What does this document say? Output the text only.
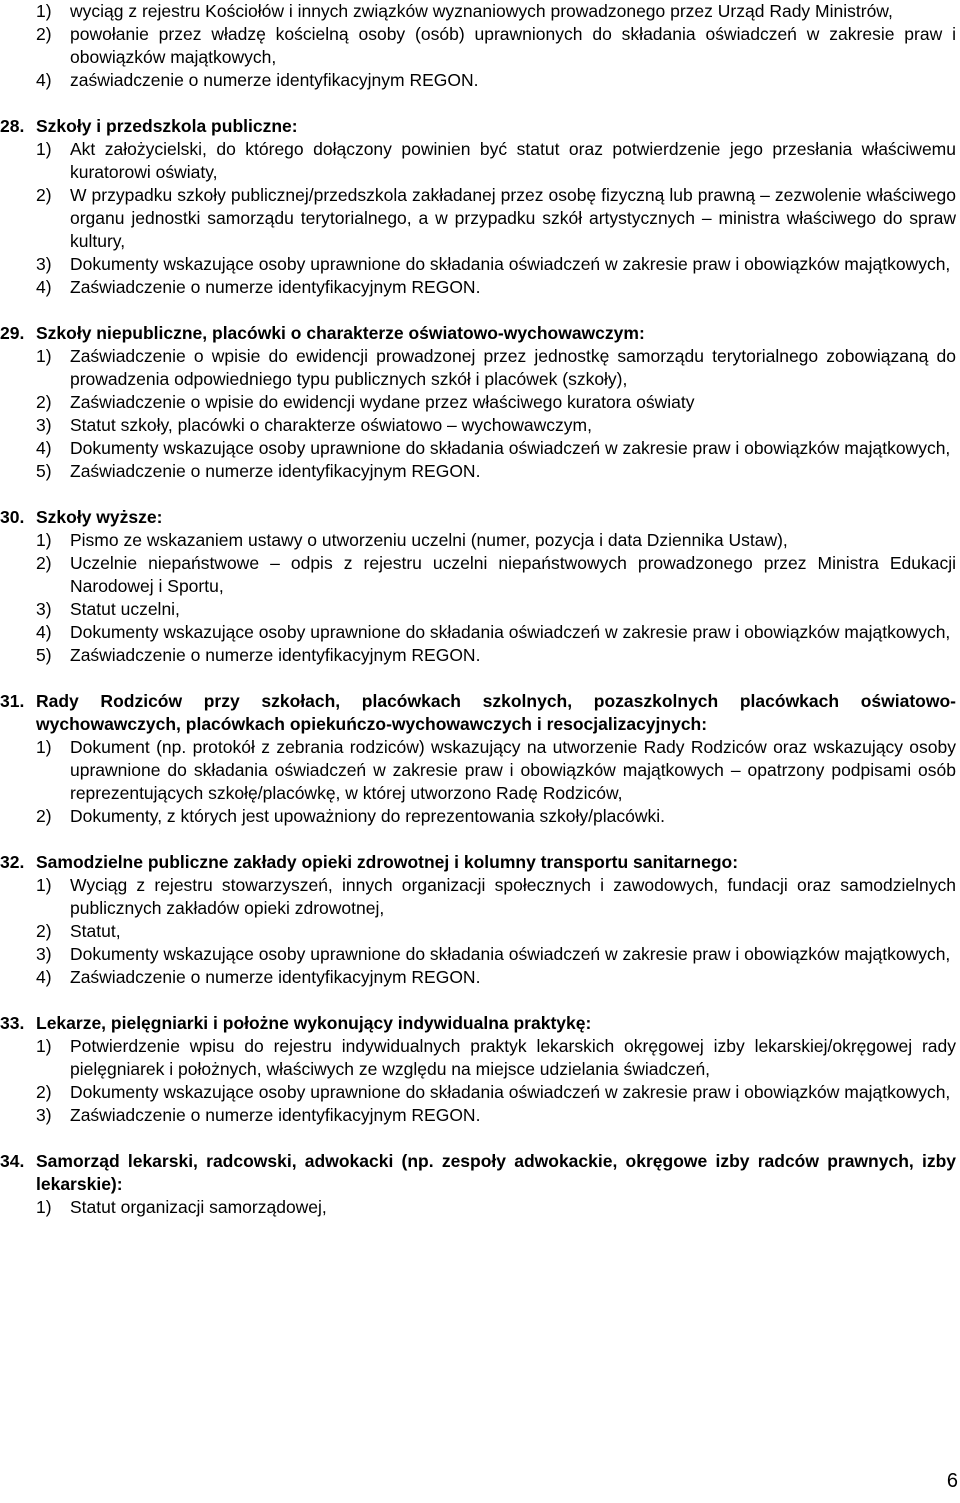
1) wyciąg z rejestru Kościołów i innych związków wyznaniowych prowadzonego przez Urząd Rady Ministrów,
2) powołanie przez władzę kościelną osoby (osób) uprawnionych do składania oświadczeń w zakresie praw i obowiązków majątkowych,
4) zaświadczenie o numerze identyfikacyjnym REGON.
28. Szkoły i przedszkola publiczne:
1) Akt założycielski, do którego dołączony powinien być statut oraz potwierdzenie jego przesłania właściwemu kuratorowi oświaty,
2) W przypadku szkoły publicznej/przedszkola zakładanej przez osobę fizyczną lub prawną – zezwolenie właściwego organu jednostki samorządu terytorialnego, a w przypadku szkół artystycznych – ministra właściwego do spraw kultury,
3) Dokumenty wskazujące osoby uprawnione do składania oświadczeń w zakresie praw i obowiązków majątkowych,
4) Zaświadczenie o numerze identyfikacyjnym REGON.
29. Szkoły niepubliczne, placówki o charakterze oświatowo-wychowawczym:
1) Zaświadczenie o wpisie do ewidencji prowadzonej przez jednostkę samorządu terytorialnego zobowiązaną do prowadzenia odpowiedniego typu publicznych szkół i placówek (szkoły),
2) Zaświadczenie o wpisie do ewidencji wydane przez właściwego kuratora oświaty
3) Statut szkoły, placówki o charakterze oświatowo – wychowawczym,
4) Dokumenty wskazujące osoby uprawnione do składania oświadczeń w zakresie praw i obowiązków majątkowych,
5) Zaświadczenie o numerze identyfikacyjnym REGON.
30. Szkoły wyższe:
1) Pismo ze wskazaniem ustawy o utworzeniu uczelni (numer, pozycja i data Dziennika Ustaw),
2) Uczelnie niepaństwowe – odpis z rejestru uczelni niepaństwowych prowadzonego przez Ministra Edukacji Narodowej i Sportu,
3) Statut uczelni,
4) Dokumenty wskazujące osoby uprawnione do składania oświadczeń w zakresie praw i obowiązków majątkowych,
5) Zaświadczenie o numerze identyfikacyjnym REGON.
31. Rady Rodziców przy szkołach, placówkach szkolnych, pozaszkolnych placówkach oświatowo-wychowawczych, placówkach opiekuńczo-wychowawczych i resocjalizacyjnych:
1) Dokument (np. protokół z zebrania rodziców) wskazujący na utworzenie Rady Rodziców oraz wskazujący osoby uprawnione do składania oświadczeń w zakresie praw i obowiązków majątkowych – opatrzony podpisami osób reprezentujących szkołę/placówkę, w której utworzono Radę Rodziców,
2) Dokumenty, z których jest upoważniony do reprezentowania szkoły/placówki.
32. Samodzielne publiczne zakłady opieki zdrowotnej i kolumny transportu sanitarnego:
1) Wyciąg z rejestru stowarzyszeń, innych organizacji społecznych i zawodowych, fundacji oraz samodzielnych publicznych zakładów opieki zdrowotnej,
2) Statut,
3) Dokumenty wskazujące osoby uprawnione do składania oświadczeń w zakresie praw i obowiązków majątkowych,
4) Zaświadczenie o numerze identyfikacyjnym REGON.
33. Lekarze, pielęgniarki i położne wykonujący indywidualna praktykę:
1) Potwierdzenie wpisu do rejestru indywidualnych praktyk lekarskich okręgowej izby lekarskiej/okręgowej rady pielęgniarek i położnych, właściwych ze względu na miejsce udzielania świadczeń,
2) Dokumenty wskazujące osoby uprawnione do składania oświadczeń w zakresie praw i obowiązków majątkowych,
3) Zaświadczenie o numerze identyfikacyjnym REGON.
34. Samorząd lekarski, radcowski, adwokacki (np. zespoły adwokackie, okręgowe izby radców prawnych, izby lekarskie):
1) Statut organizacji samorządowej,
6
